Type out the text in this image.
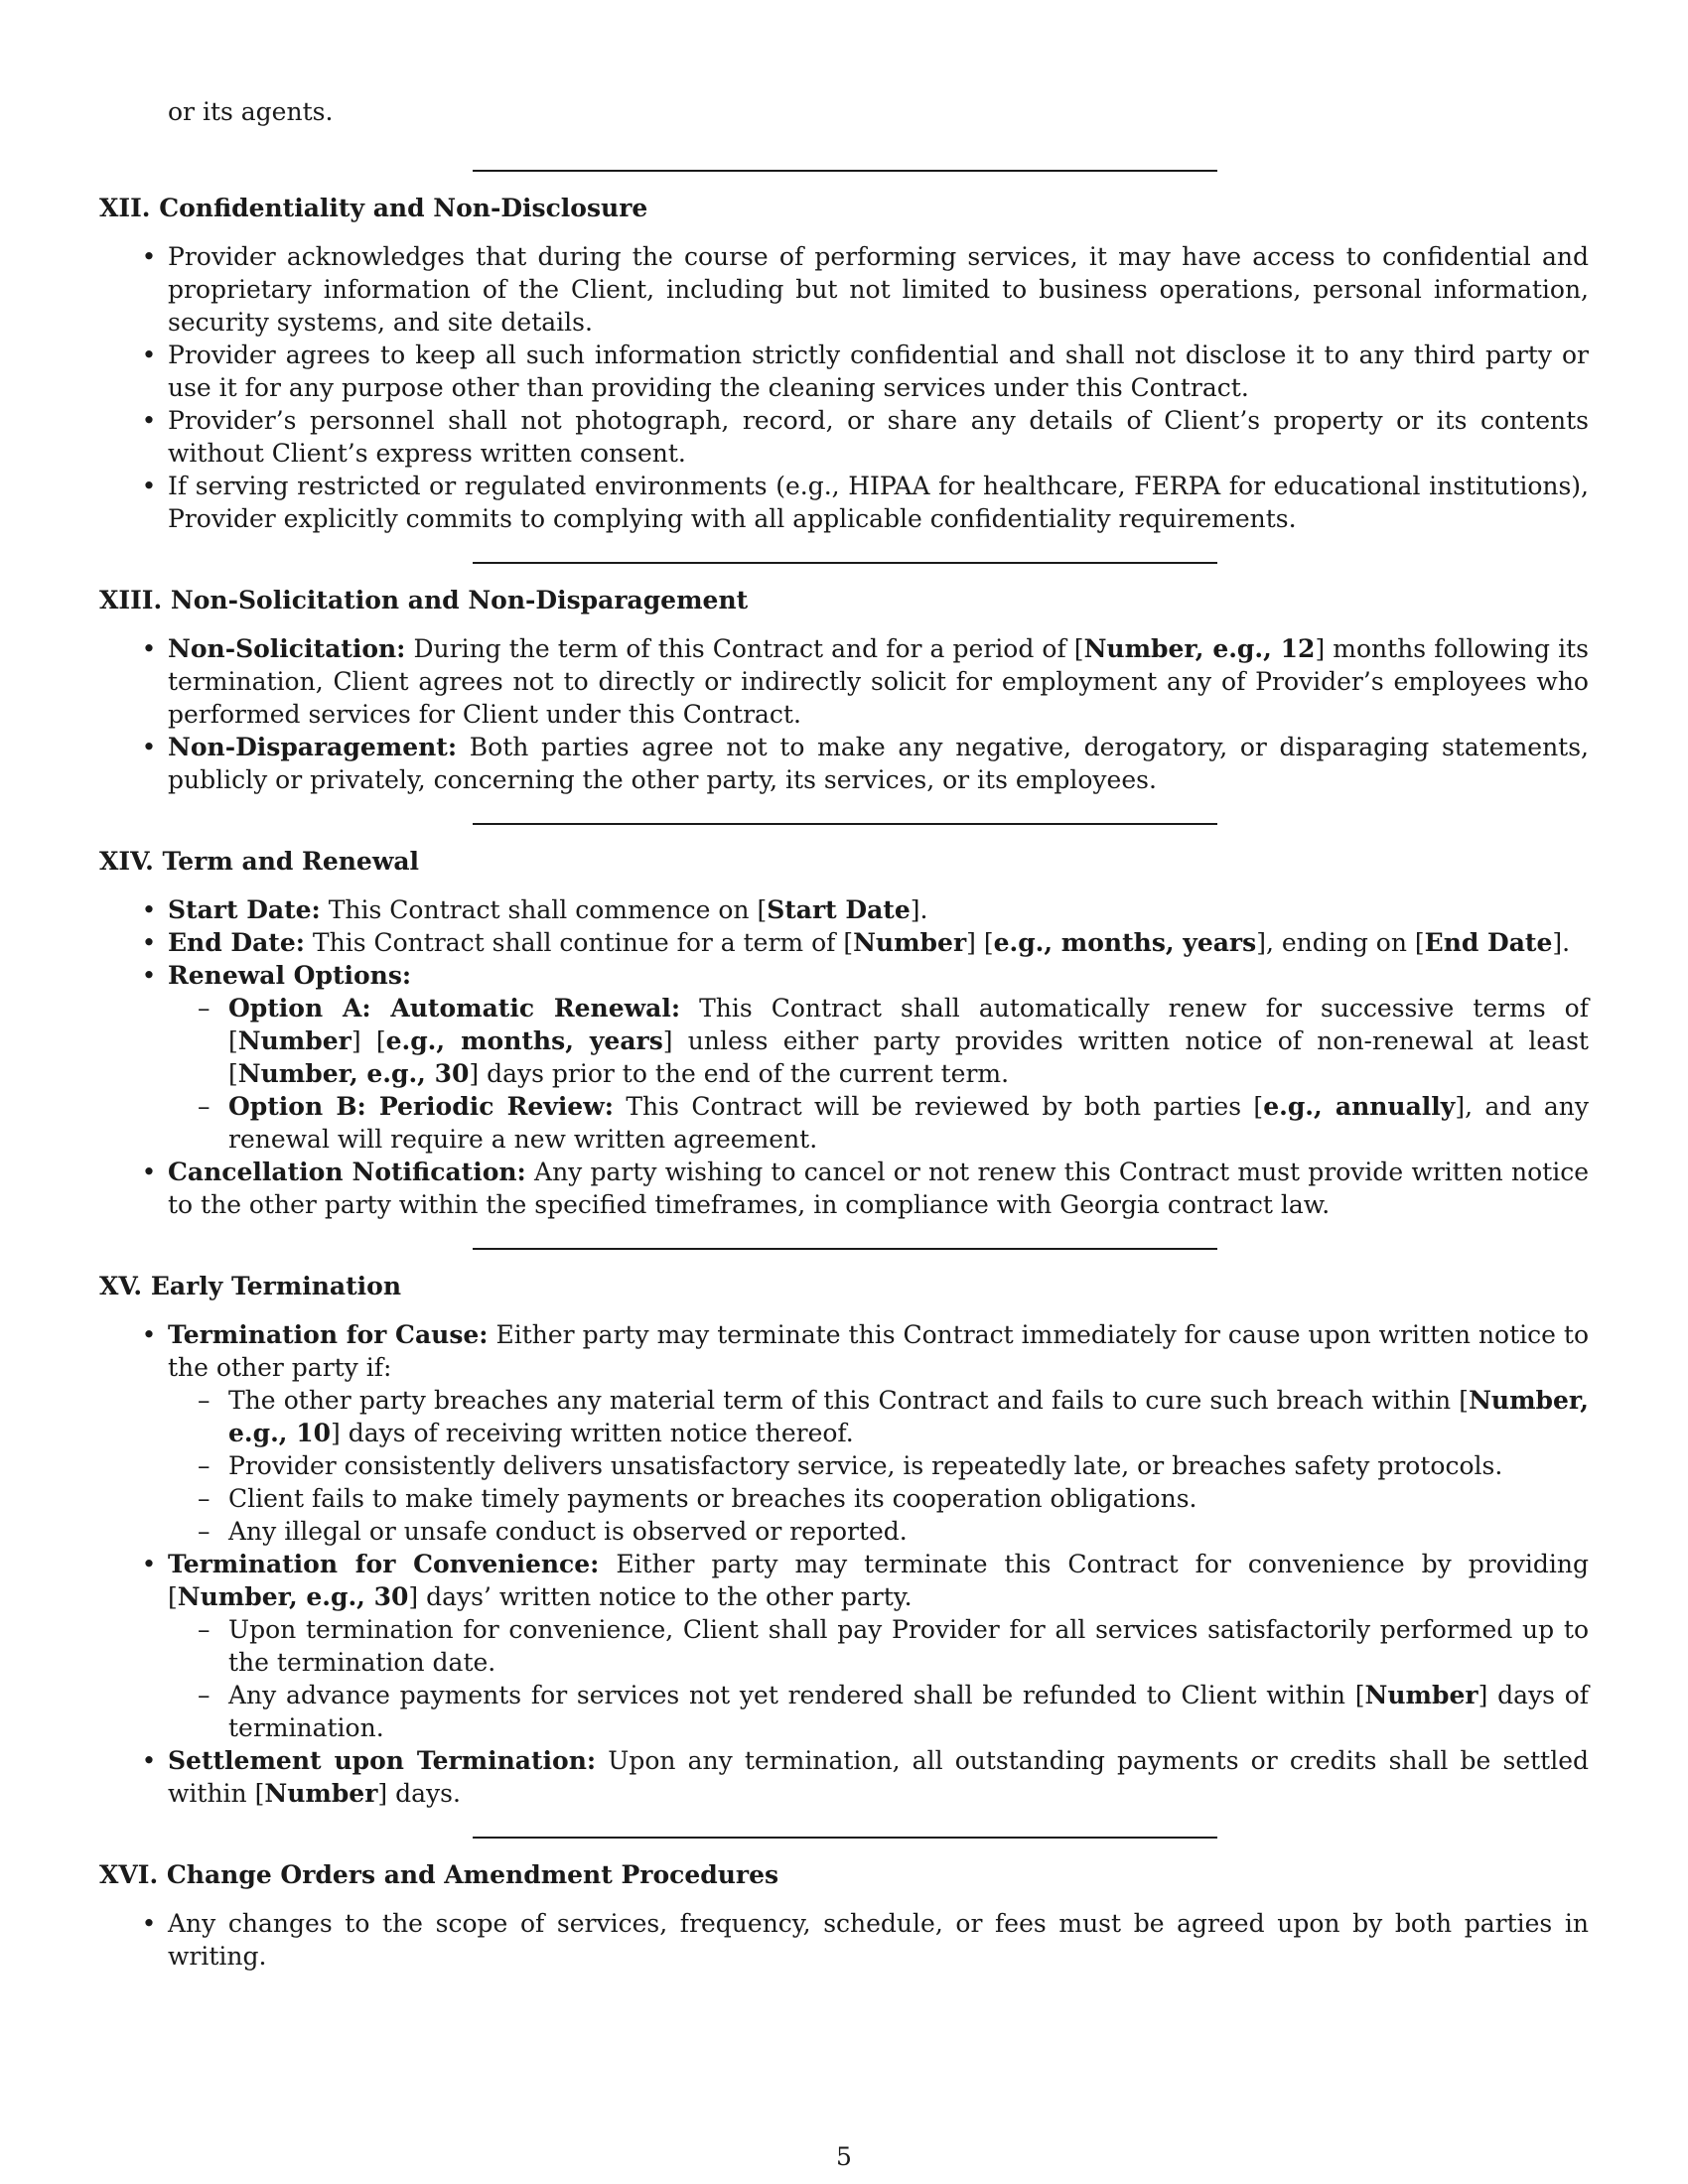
or its agents.
XII. Confidentiality and Non-Disclosure
• Provider acknowledges that during the course of performing services, it may have access to confidential and proprietary information of the Client, including but not limited to business operations, personal information, security systems, and site details.
• Provider agrees to keep all such information strictly confidential and shall not disclose it to any third party or use it for any purpose other than providing the cleaning services under this Contract.
• Provider’s personnel shall not photograph, record, or share any details of Client’s property or its contents without Client’s express written consent.
• If serving restricted or regulated environments (e.g., HIPAA for healthcare, FERPA for educational institutions), Provider explicitly commits to complying with all applicable confidentiality requirements.
XIII. Non-Solicitation and Non-Disparagement
• Non-Solicitation: During the term of this Contract and for a period of [Number, e.g., 12] months following its termination, Client agrees not to directly or indirectly solicit for employment any of Provider’s employees who performed services for Client under this Contract.
• Non-Disparagement: Both parties agree not to make any negative, derogatory, or disparaging statements, publicly or privately, concerning the other party, its services, or its employees.
XIV. Term and Renewal
• Start Date: This Contract shall commence on [Start Date].
• End Date: This Contract shall continue for a term of [Number] [e.g., months, years], ending on [End Date].
• Renewal Options:
– Option A: Automatic Renewal: This Contract shall automatically renew for successive terms of [Number] [e.g., months, years] unless either party provides written notice of non-renewal at least [Number, e.g., 30] days prior to the end of the current term.
– Option B: Periodic Review: This Contract will be reviewed by both parties [e.g., annually], and any renewal will require a new written agreement.
• Cancellation Notification: Any party wishing to cancel or not renew this Contract must provide written notice to the other party within the specified timeframes, in compliance with Georgia contract law.
XV. Early Termination
• Termination for Cause: Either party may terminate this Contract immediately for cause upon written notice to the other party if:
– The other party breaches any material term of this Contract and fails to cure such breach within [Number, e.g., 10] days of receiving written notice thereof.
– Provider consistently delivers unsatisfactory service, is repeatedly late, or breaches safety protocols.
– Client fails to make timely payments or breaches its cooperation obligations.
– Any illegal or unsafe conduct is observed or reported.
• Termination for Convenience: Either party may terminate this Contract for convenience by providing [Number, e.g., 30] days’ written notice to the other party.
– Upon termination for convenience, Client shall pay Provider for all services satisfactorily performed up to the termination date.
– Any advance payments for services not yet rendered shall be refunded to Client within [Number] days of termination.
• Settlement upon Termination: Upon any termination, all outstanding payments or credits shall be settled within [Number] days.
XVI. Change Orders and Amendment Procedures
• Any changes to the scope of services, frequency, schedule, or fees must be agreed upon by both parties in writing.
5
